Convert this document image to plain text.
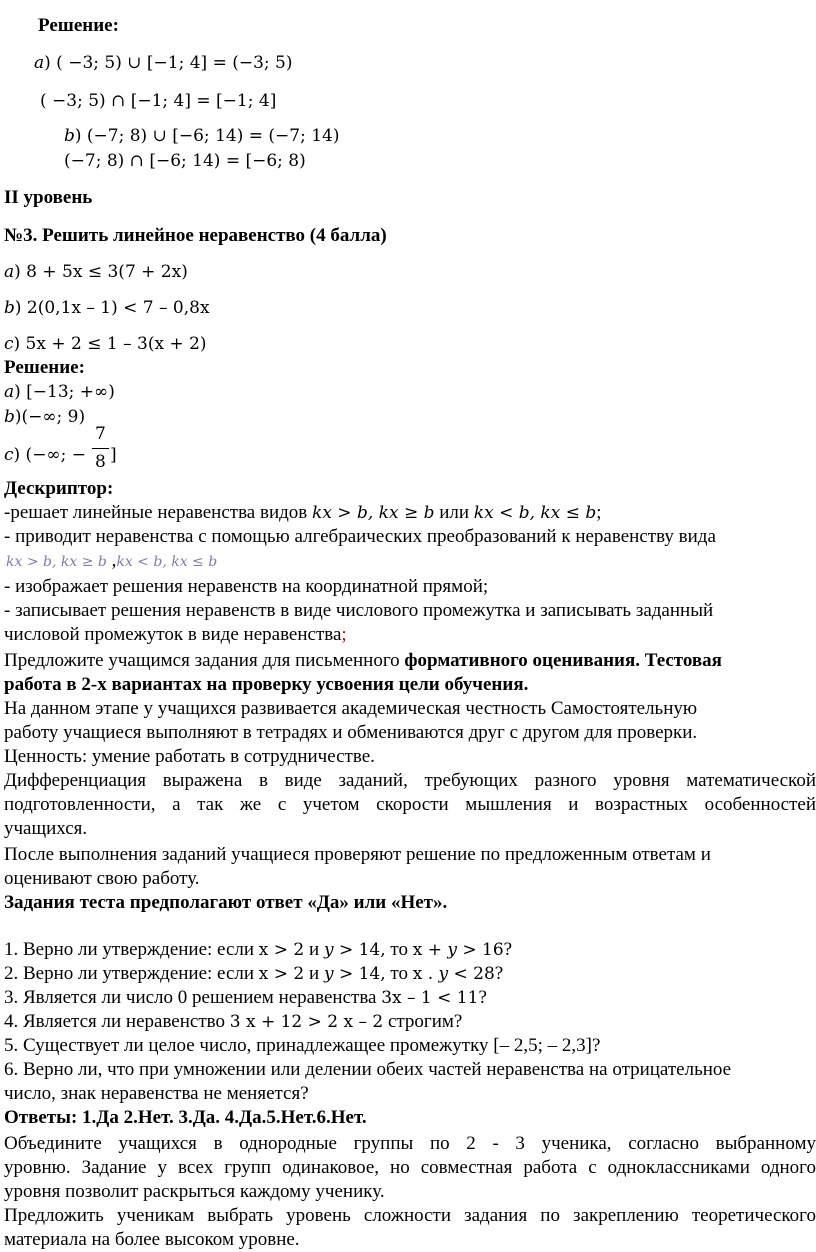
Решение:
𝑎) ( −3; 5) ∪ [−1; 4] = (−3; 5)
( −3; 5) ∩ [−1; 4] = [−1; 4]
𝑏) (−7; 8) ∪ [−6; 14) = (−7; 14)
(−7; 8) ∩ [−6; 14) = [−6; 8)
II уровень
№3. Решить линейное неравенство (4 балла)
𝑎) 8 + 5x ≤ 3(7 + 2x)
𝑏) 2(0,1x – 1) < 7 – 0,8x
𝑐) 5x + 2 ≤ 1 – 3(x + 2)
Решение:
𝑎) [−13; +∞)
𝑏)(−∞; 9)
𝑐) (−∞; −
7
8 ]
Дескриптор:
-решает линейные неравенства видов 𝑘𝑥 > 𝑏, 𝑘𝑥 ≥ 𝑏 или 𝑘𝑥 < 𝑏, 𝑘𝑥 ≤ 𝑏;
- приводит неравенства с помощью алгебраических преобразований к неравенству вида
kx > b, kx ≥ b ,kx < b, kx ≤ b
- изображает решения неравенств на координатной прямой;
- записывает решения неравенств в виде числового промежутка и записывать заданный
числовой промежуток в виде неравенства;
Предложите учащимся задания для письменного формативного оценивания. Тестовая
работа в 2-х вариантах на проверку усвоения цели обучения.
На данном этапе у учащихся развивается академическая честность Самостоятельную
работу учащиеся выполняют в тетрадях и обмениваются друг с другом для проверки.
Ценность: умение работать в сотрудничестве.
Дифференциация выражена в виде заданий, требующих разного уровня математической
подготовленности, а так же с учетом скорости мышления и возрастных особенностей
учащихся.
После выполнения заданий учащиеся проверяют решение по предложенным ответам и
оценивают свою работу.
Задания теста предполагают ответ «Да» или «Нет».
1. Верно ли утверждение: если x > 2 и 𝑦 > 14, то x + 𝑦 > 16?
2. Верно ли утверждение: если x > 2 и 𝑦 > 14, то x . 𝑦 < 28?
3. Является ли число 0 решением неравенства 3x – 1 < 11?
4. Является ли неравенство 3 x + 12 > 2 x – 2 строгим?
5. Существует ли целое число, принадлежащее промежутку [– 2,5; – 2,3]?
6. Верно ли, что при умножении или делении обеих частей неравенства на отрицательное
число, знак неравенства не меняется?
Ответы: 1.Да 2.Нет. 3.Да. 4.Да.5.Нет.6.Нет.
Объедините учащихся в однородные группы по 2 - 3 ученика, согласно выбранному
уровню. Задание у всех групп одинаковое, но совместная работа с одноклассниками одного
уровня позволит раскрыться каждому ученику.
Предложить ученикам выбрать уровень сложности задания по закреплению теоретического
материала на более высоком уровне.
